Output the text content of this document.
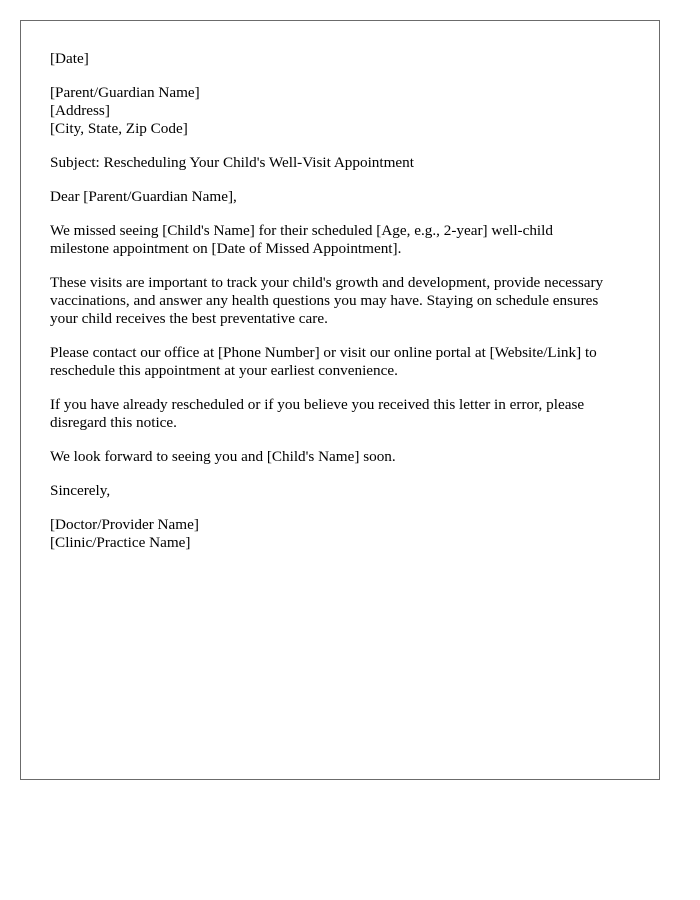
[Date]
[Parent/Guardian Name]
[Address]
[City, State, Zip Code]
Subject: Rescheduling Your Child's Well-Visit Appointment
Dear [Parent/Guardian Name],
We missed seeing [Child's Name] for their scheduled [Age, e.g., 2-year] well-child
milestone appointment on [Date of Missed Appointment].
These visits are important to track your child's growth and development, provide necessary
vaccinations, and answer any health questions you may have. Staying on schedule ensures
your child receives the best preventative care.
Please contact our office at [Phone Number] or visit our online portal at [Website/Link] to
reschedule this appointment at your earliest convenience.
If you have already rescheduled or if you believe you received this letter in error, please
disregard this notice.
We look forward to seeing you and [Child's Name] soon.
Sincerely,
[Doctor/Provider Name]
[Clinic/Practice Name]
